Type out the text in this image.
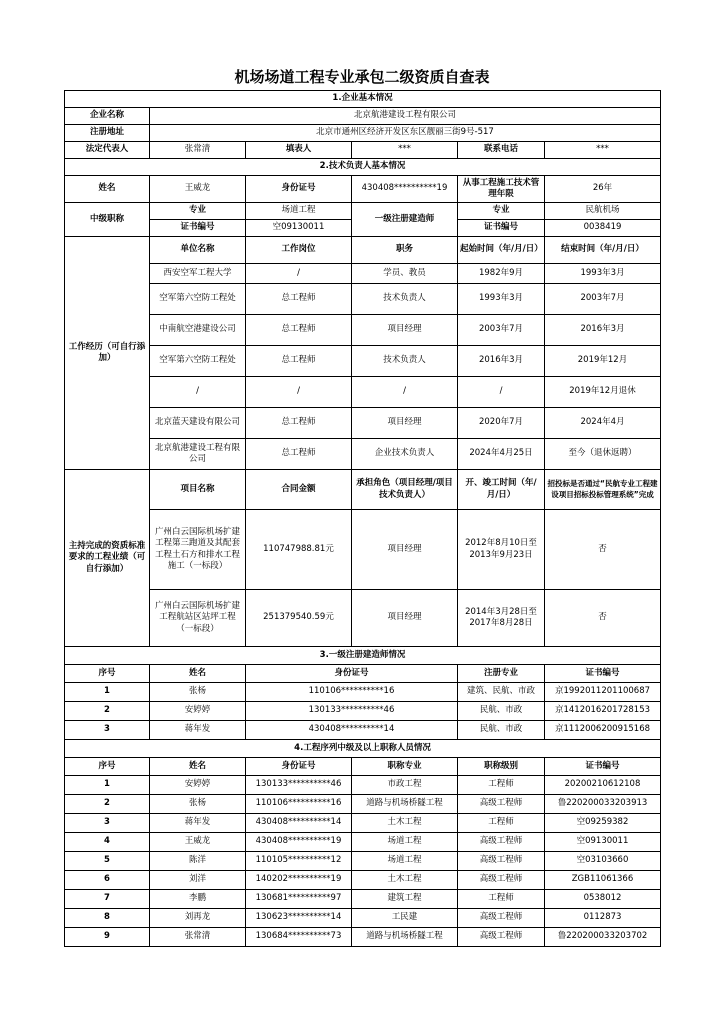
机场场道工程专业承包二级资质自查表
1.企业基本情况					
企业名称	北京航港建设工程有限公司				
注册地址	北京市通州区经济开发区东区靓丽三街9号-517				
法定代表人	张常清	填表人	***	联系电话	***
2.技术负责人基本情况					
姓名	王威龙	身份证号	430408**********19	从事工程施工技术管理年限	26年
中级职称	专业	场道工程	一级注册建造师	专业	民航机场
	证书编号	空09130011		证书编号	0038419
工作经历（可自行添加）	单位名称	工作岗位	职务	起始时间（年/月/日）	结束时间（年/月/日）
	西安空军工程大学	/	学员、教员	1982年9月	1993年3月
	空军第六空防工程处	总工程师	技术负责人	1993年3月	2003年7月
	中南航空港建设公司	总工程师	项目经理	2003年7月	2016年3月
	空军第六空防工程处	总工程师	技术负责人	2016年3月	2019年12月
	/	/	/	/	2019年12月退休
	北京蓝天建设有限公司	总工程师	项目经理	2020年7月	2024年4月
	北京航港建设工程有限公司	总工程师	企业技术负责人	2024年4月25日	至今（退休返聘）
主持完成的资质标准要求的工程业绩（可自行添加）	项目名称	合同金额	承担角色（项目经理/项目技术负责人）	开、竣工时间（年/月/日）	招投标是否通过“民航专业工程建设项目招标投标管理系统”完成
	广州白云国际机场扩建工程第三跑道及其配套工程土石方和排水工程施工（一标段）	110747988.81元	项目经理	2012年8月10日至2013年9月23日	否
	广州白云国际机场扩建工程航站区站坪工程（一标段）	251379540.59元	项目经理	2014年3月28日至2017年8月28日	否
3.一级注册建造师情况					
序号	姓名	身份证号		注册专业	证书编号
1	张杨	110106**********16		建筑、民航、市政	京1992011201100687
2	安婷婷	130133**********46		民航、市政	京1412016201728153
3	蒋年发	430408**********14		民航、市政	京1112006200915168
4.工程序列中级及以上职称人员情况					
序号	姓名	身份证号	职称专业	职称级别	证书编号
1	安婷婷	130133**********46	市政工程	工程师	20200210612108
2	张杨	110106**********16	道路与机场桥隧工程	高级工程师	鲁220200033203913
3	蒋年发	430408**********14	土木工程	工程师	空09259382
4	王威龙	430408**********19	场道工程	高级工程师	空09130011
5	陈洋	110105**********12	场道工程	高级工程师	空03103660
6	刘洋	140202**********19	土木工程	高级工程师	ZGB11061366
7	李鹏	130681**********97	建筑工程	工程师	0538012
8	刘再龙	130623**********14	工民建	高级工程师	0112873
9	张常清	130684**********73	道路与机场桥隧工程	高级工程师	鲁220200033203702
